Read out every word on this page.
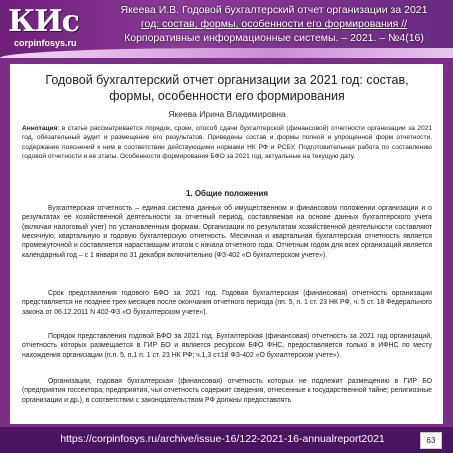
КИс
corpinfosys.ru
Якеева И.В. Годовой бухгалтерский отчет организации за 2021
год: состав, формы, особенности его формирования //
Корпоративные информационные системы. – 2021. – №4(16)
Годовой бухгалтерский отчет организации за 2021 год: состав, формы, особенности его формирования
Якеева Ирина Владимировна
Аннотация: в статье рассматривается порядок, сроки, способ сдачи бухгалтерской (финансовой) отчетности организации за 2021 год, обязательный аудит и размещение его результатов. Приведены состав и формы полной и упрощенной форм отчетности, содержание пояснений к ним в соответствии действующими нормами НК РФ и РСБУ. Подготовительная работа по составлению годовой отчетности и ее этапы. Особенности формирования БФО за 2021 год, актуальные на текущую дату.
1. Общие положения
Бухгалтерская отчетность – единая система данных об имущественном и финансовом положении организации и о результатах ее хозяйственной деятельности за отчетный период, составляемая на основе данных бухгалтерского учета (включая налоговый учет) по установленным формам. Организации по результатам хозяйственной деятельности составляют месячную, квартальную и годовую бухгалтерскую отчетность. Месячная и квартальная бухгалтерская отчетность является промежуточной и составляется нарастающим итогом с начала отчетного года. Отчетным годом для всех организаций является календарный год – с 1 января по 31 декабря включительно (ФЗ-402 «О бухгалтерском учете»).
Срок представления годового БФО за 2021 год. Годовая бухгалтерская (финансовая) отчетность организации представляется не позднее трех месяцев после окончания отчетного периода (пп. 5, п. 1 ст. 23 НК РФ, ч. 5 ст. 18 Федерального закона от 06.12.2011 N 402-ФЗ «О бухгалтерском учете»).
Порядок представления годовой БФО за 2021 год. Бухгалтерская (финансовая) отчетность за 2021 год организаций, отчетность которых размещается в ГИР БО и является ресурсом БФО ФНС, предоставляется только в ИФНС по месту нахождения организации (п.п. 5, п.1 п. 1 ст. 23 НК РФ; ч.1,3 ст.18 ФЗ-402 «О бухгалтерском учете»).
Организации, годовая бухгалтерская (финансовая) отчетность которых не подлежит размещению в ГИР БО (предприятия госсектора; предприятия, чья отчетность содержит сведения, отнесенные к государственной тайне; религиозные организации и др.), в соответствии с законодательством РФ должны предоставлять
https://corpinfosys.ru/archive/issue-16/122-2021-16-annualreport2021	63
